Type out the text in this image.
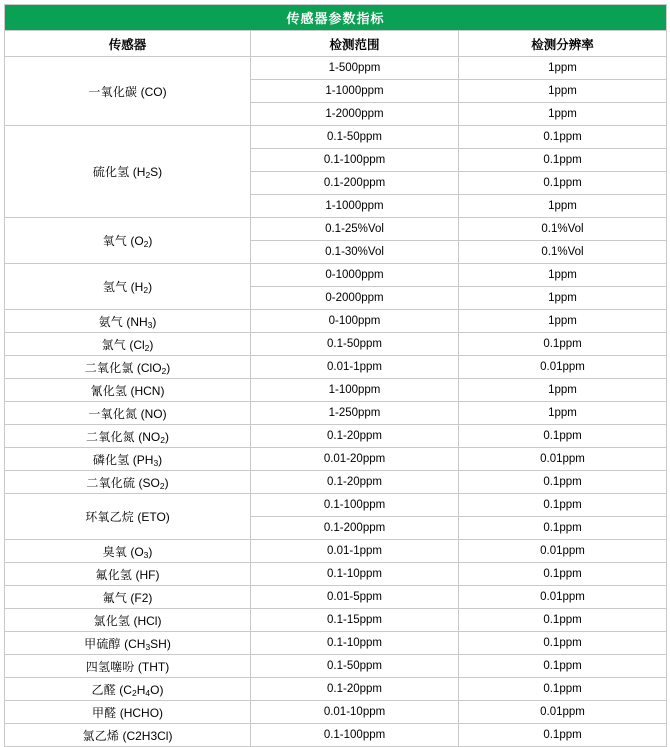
传感器参数指标		
传感器	检测范围	检测分辨率
一氧化碳 (CO)	1-500ppm	1ppm
	1-1000ppm	1ppm
	1-2000ppm	1ppm
硫化氢 $(H_2S)$	0.1-50ppm	0.1ppm
	0.1-100ppm	0.1ppm
	0.1-200ppm	0.1ppm
	1-1000ppm	1ppm
氧气 $(O_2)$	0.1-25%Vol	0.1%Vol
	0.1-30%Vol	0.1%Vol
氢气 $(H_2)$	0-1000ppm	1ppm
	0-2000ppm	1ppm
氨气 $(NH_3)$	0-100ppm	1ppm
氯气 $(Cl_2)$	0.1-50ppm	0.1ppm
二氧化氯 (ClO$_2$)	0.01-1ppm	0.01ppm
氰化氢 (HCN)	1-100ppm	1ppm
一氧化氮 (NO)	1-250ppm	1ppm
二氧化氮 $(NO_2)$	0.1-20ppm	0.1ppm
磷化氢 $(PH_3)$	0.01-20ppm	0.01ppm
二氧化硫 $(SO_2)$	0.1-20ppm	0.1ppm
环氧乙烷 (ETO)	0.1-100ppm	0.1ppm
	0.1-200ppm	0.1ppm
臭氧 $(O_3)$	0.01-1ppm	0.01ppm
氟化氢 (HF)	0.1-10ppm	0.1ppm
氟气 (F2)	0.01-5ppm	0.01ppm
氯化氢 (HCl)	0.1-15ppm	0.1ppm
甲硫醇 $(CH_3SH)$	0.1-10ppm	0.1ppm
四氢噻吩 (THT)	0.1-50ppm	0.1ppm
乙醛 $(C_2H_4O)$	0.1-20ppm	0.1ppm
甲醛 (HCHO)	0.01-10ppm	0.01ppm
氯乙烯 (C2H3Cl)	0.1-100ppm	0.1ppm
